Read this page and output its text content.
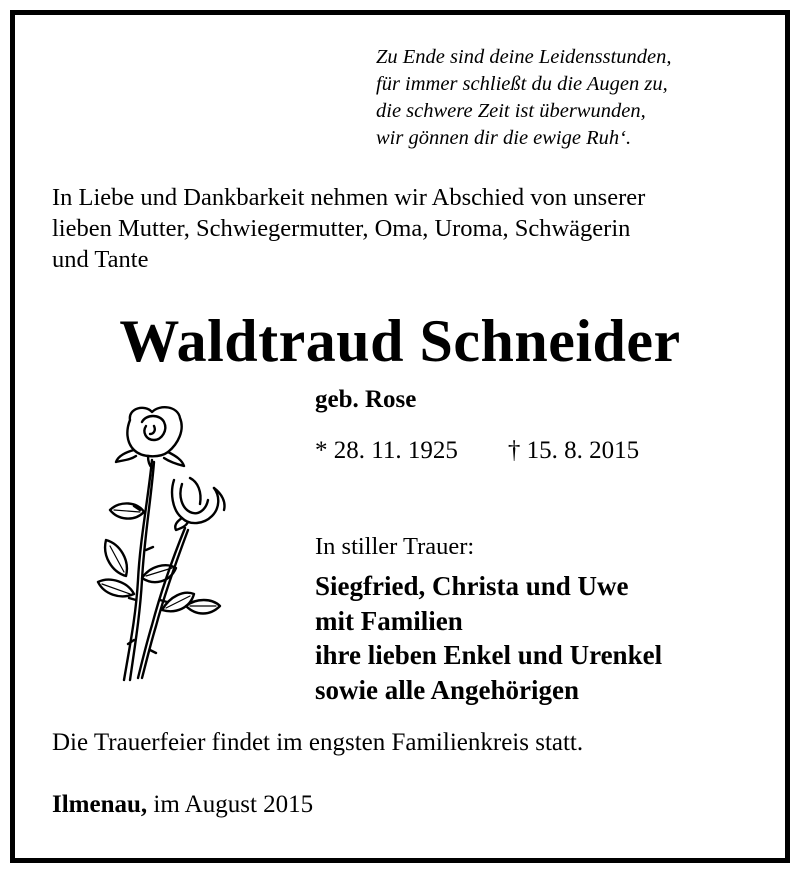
Zu Ende sind deine Leidensstunden,
für immer schließt du die Augen zu,
die schwere Zeit ist überwunden,
wir gönnen dir die ewige Ruh‘.
In Liebe und Dankbarkeit nehmen wir Abschied von unserer
lieben Mutter, Schwiegermutter, Oma, Uroma, Schwägerin
und Tante
Waldtraud Schneider
geb. Rose
* 28. 11. 1925 † 15. 8. 2015
In stiller Trauer:
Siegfried, Christa und Uwe
mit Familien
ihre lieben Enkel und Urenkel
sowie alle Angehörigen
Die Trauerfeier findet im engsten Familienkreis statt.
Ilmenau, im August 2015
